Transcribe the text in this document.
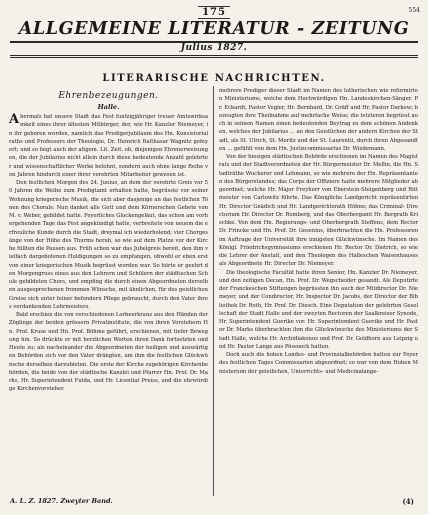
554
175
ALLGEMEINE LITERATUR - ZEITUNG
Julius 1827.
LITERARISCHE NACHRICHTEN.
Ehrenbezeugungen.
Halle.

Abermals hat unsere Stadt das Fest funfzigjähriger treuer Amtswirksamkeit eines ihrer ältesten Mitbürger, der, wie Hr. Kanzler Niemeyer, in ihr geboren worden, namlich das Predigerjubilaum des Hn. Konsistorialraths und Professors der Theologie, Dr. Heinrich Balthasar Wagnitz gefeyert; und so liegt auch der altgem. Lit. Zeit. ob, diejenigen Ehrenerweisungen, die der Jubilarius nicht allein durch diese bedeutende Anzahl gelehrter und wissenschaftlicher Werke belohnt, sondern auch ohne lange Reihe von Jahren hindurch einer ihrer verehrten Mitarbeiter gewesen ist.

Den festlichen Morgen des 24. Junius, an dem der verehrte Greis vor 50 Jahren die Weihe zum Predigtamt erhalten hatte, begrüsste vor seiner Wohnung kriegerische Musik, die sich aber dasjenige an das festlichen Tönen des Chorals: Nun danket alle Gott und dem Körnerschen Gebete von M. v. Weber, gebildet hatte. Feyerliches Glockengeläut, das schon am vorhergehenden Tage das Fest angekündigt hatte, verbreitete von neuem die erfreuliche Kunde durch die Stadt, dreymal ich wiederholend; vier Chorgesänge von der Höhe des Thurms herab, so wie auf dem Platze vor der Kirche füllten die Pausen aus. Früh schon war das Jubelgreis bereit, den ihm vielfach dargebotenen Huldigungen so zu empfangen, obwohl er eben erst von einer kriegerischen Musik begrüsst worden war. So hörte er geehrt den Morgengruss eines aus den Lehrern und Schülern der städtischen Schule gebildeten Chors, und empfing die durch einen Abgeordneten derselben ausgesprochenen frommen Wünsche, mit ähnlichen, für des geistlichen Greise sich unter feiner befondern Pflege gebraucht, durch den Vater ihres verdankenden Lehrmeisters.

Bald erschien die von verschiedenen Lorbeerkranz aus den Händen der Zöglinge der beiden grössern Privatinstitute, die von ihren Vorstehern Hn. Prof. Kruse und Hn. Prof. Böhme geführt, erschienen, mit tiefer Bewegung hin. So drückte er mit herzlichen Worten ihren Dank fortsetzten und Heute zu; als nacheinander die Abgeordneten der heiligen und auswärtigen Behörden sich vor den Vater drängten, um ihm die festlichen Glückwünsche derselben darzubieten. Die erste der Kirche zugehörigen Kirchenbehörden, die beide von der städtische Kanzlei und Pfarrer Hn. Prof. Dr. Marks, Hr. Superintendent Fulda, und Hr. Licentiat Preiss, und die ehrwürdige Kirchenvorsteher.

mehrere Prediger dieser Stadt im Namen des lutherischen wie reformirten Ministeriums, welche dem Hochwürdigen Hn. Landeskirchen-Sänger. Pr. Eckardt, Pastor Vogler, Hr. Bernhard, Dr. Gräff und Hr. Pastor Darkow; bezeugten ihre Theilnahme auf mehrfache Weise; die letzteren begrüsst auch in seinem Namen einen bedeutenden Beytrag zu dem schönen Andenken, welches der Jubilarius ... an den Geistlichen der andern Kirchen der Stadt, als St. Ulrich, St. Moritz und der St. Laurentii, durch ihren Abgesandten ... gefühlt von dem Hn. Justizcommissarius Dr. Wiedemann.

Von der hiesigen städtischen Behörde erschienen im Namen des Magistrats und der Stadtverordneten der Hr. Bürgermeister Dr. Mellin, die Hn. Stadträthe Wucherer und Lehmann, so wie mehrere der Hn. Repräsentanten des Bürgerstandes; das Corps der Offiziere hatte mehrere Mitglieder abgeordnet; welche Hr. Major Freyherr von Eberstein-Steigenberg und Rittmeister von Carlowitz führte. Das Königliche Landgericht repräsentirten Hr. Director Gnädich und Hr. Landgerichtsrath Höhne; das Criminal- Directorium Hr. Director Dr. Romberg, und das Oberbergamt Hr. Bergrath Krischke. Von dem Hn. Regierungs- und Oberbergrath Steffens, dem Rector Dr. Frincke und Hn. Prof. Dr. Gesenius, überbrachten die Hn. Professoren im Auftrage der Universität ihre innigsten Glückwünsche. Im Namen des Königl. Friedrichsgymnasiums erschienen Hr. Rector Dr. Dietrich, so wie die Lehrer der Anstalt, und den Theologen des Halleschen Waisenhauses als Abgeordnete Hr. Director Dr. Niemeyer.

Die theologische Facultät hatte ihren Senior, Hn. Kanzler Dr. Niemeyer, und den zeitigen Decan, Hn. Prof. Dr. Wegscheider gesandt. Als Deputirte der Franckeschen Stiftungen begrüssten ihn auch der Mitdirector Dr. Niemeyer, und der Condirector, Hr. Inspector Dr. Jacobs, der Director der Bibliothek Dr. Roth, Hr. Prof. Dr. Diesch. Eine Deputation der gelehrten Gesellschaft der Stadt Halle und der zweyten Rectoren der Saalkreiser Synode, Hr. Superintendent Guerike vor. Hr. Superintendent Guerike und Hr. Pastor Dr. Marks überbrachten ihm die Glückwünsche des Ministeriums der Stadt Halle, welche Hr. Archidiakonus und Prof. Dr. Goldhorn aus Leipzig und Hr. Pastor Lange aus Pössneck hatten.

Doch auch die hohen Landes- und Provinzialbehörden hatten zur Feyer des festlichen Tages Commissarien abgeordnet; so war von dem Hohen Ministerium der geistlichen, Unterrichts- und Medicinalange-

A. L. Z. 1827. Zweyter Band.	(4)
